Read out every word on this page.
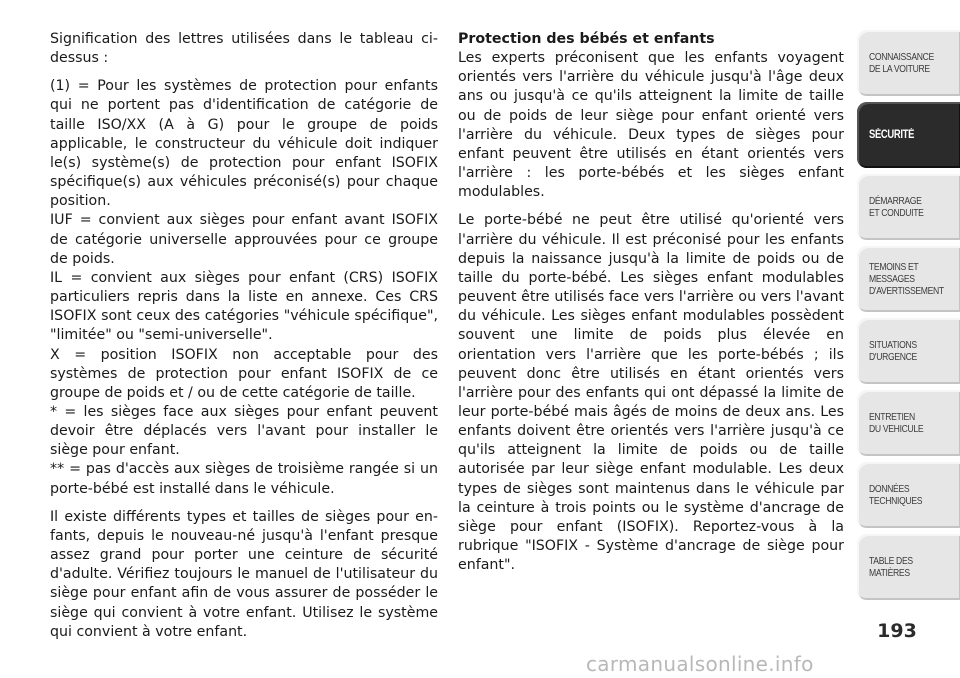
Signification des lettres utilisées dans le tableau ci-dessus :

(1) = Pour les systèmes de protection pour enfants qui ne portent pas d'identification de catégorie de taille ISO/XX (A à G) pour le groupe de poids applicable, le constructeur du véhicule doit indiquer le(s) système(s) de protection pour enfant ISOFIX spécifique(s) aux véhicules préconisé(s) pour chaque position.

IUF = convient aux sièges pour enfant avant ISOFIX de catégorie universelle approuvées pour ce groupe de poids.

IL = convient aux sièges pour enfant (CRS) ISOFIX particuliers repris dans la liste en annexe. Ces CRS ISOFIX sont ceux des catégories "véhicule spécifique", "limitée" ou "semi-universelle".

X = position ISOFIX non acceptable pour des systèmes de protection pour enfant ISOFIX de ce groupe de poids et / ou de cette catégorie de taille.

* = les sièges face aux sièges pour enfant peuvent devoir être déplacés vers l'avant pour installer le siège pour enfant.

** = pas d'accès aux sièges de troisième rangée si un porte-bébé est installé dans le véhicule.

Il existe différents types et tailles de sièges pour enfants, depuis le nouveau-né jusqu'à l'enfant presque assez grand pour porter une ceinture de sécurité d'adulte. Vérifiez toujours le manuel de l'utilisateur du siège pour enfant afin de vous assurer de posséder le siège qui convient à votre enfant. Utilisez le système qui convient à votre enfant.

Protection des bébés et enfants

Les experts préconisent que les enfants voyagent orientés vers l'arrière du véhicule jusqu'à l'âge deux ans ou jusqu'à ce qu'ils atteignent la limite de taille ou de poids de leur siège pour enfant orienté vers l'arrière du véhicule. Deux types de sièges pour enfant peuvent être utilisés en étant orientés vers l'arrière : les porte-bébés et les sièges enfant modulables.

Le porte-bébé ne peut être utilisé qu'orienté vers l'arrière du véhicule. Il est préconisé pour les enfants depuis la naissance jusqu'à la limite de poids ou de taille du porte-bébé. Les sièges enfant modulables peuvent être utilisés face vers l'arrière ou vers l'avant du véhicule. Les sièges enfant modulables possèdent souvent une limite de poids plus élevée en orientation vers l'arrière que les porte-bébés ; ils peuvent donc être utilisés en étant orientés vers l'arrière pour des enfants qui ont dépassé la limite de leur porte-bébé mais âgés de moins de deux ans. Les enfants doivent être orientés vers l'arrière jusqu'à ce qu'ils atteignent la limite de poids ou de taille autorisée par leur siège enfant modulable. Les deux types de sièges sont maintenus dans le véhicule par la ceinture à trois points ou le système d'ancrage de siège pour enfant (ISOFIX). Reportez-vous à la rubrique "ISOFIX - Système d'ancrage de siège pour enfant".

CONNAISSANCE
DE LA VOITURE
SÉCURITÉ
DÉMARRAGE
ET CONDUITE
TEMOINS ET
MESSAGES
D'AVERTISSEMENT
SITUATIONS
D'URGENCE
ENTRETIEN
DU VEHICULE
DONNÉES
TECHNIQUES
TABLE DES
MATIÈRES
193
carmanualsonline.info
